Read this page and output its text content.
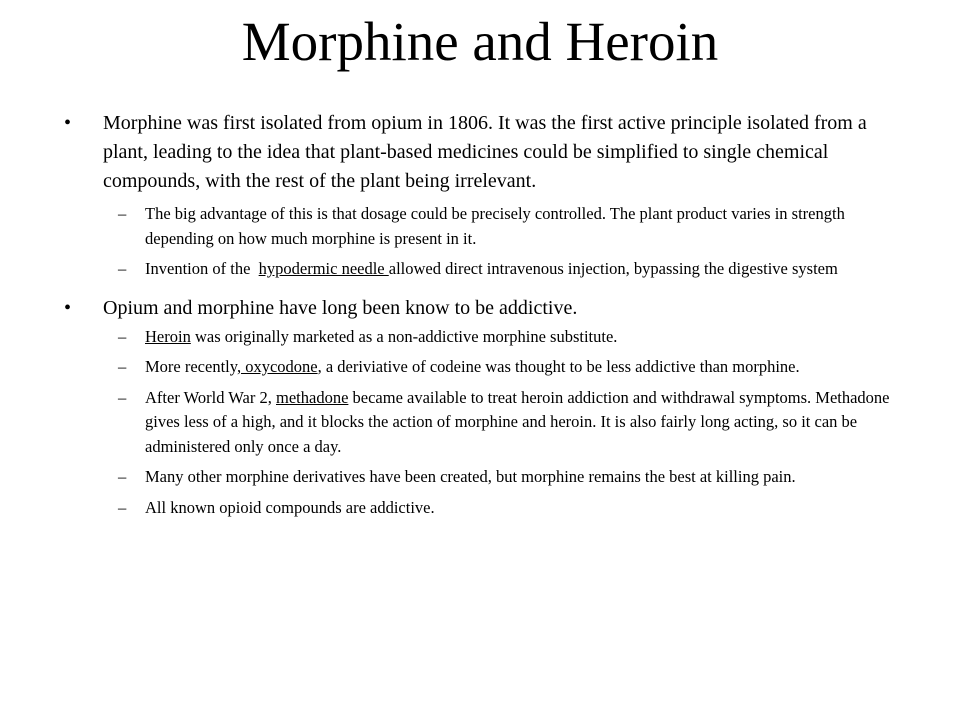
Morphine and Heroin
• Morphine was first isolated from opium in 1806. It was the first active principle isolated from a plant, leading to the idea that plant-based medicines could be simplified to single chemical compounds, with the rest of the plant being irrelevant.
– The big advantage of this is that dosage could be precisely controlled. The plant product varies in strength depending on how much morphine is present in it.
– Invention of the  hypodermic needle allowed direct intravenous injection, bypassing the digestive system
• Opium and morphine have long been know to be addictive.
– Heroin was originally marketed as a non-addictive morphine substitute.
– More recently, oxycodone, a deriviative of codeine was thought to be less addictive than morphine.
– After World War 2, methadone became available to treat heroin addiction and withdrawal symptoms. Methadone gives less of a high, and it blocks the action of morphine and heroin. It is also fairly long acting, so it can be administered only once a day.
– Many other morphine derivatives have been created, but morphine remains the best at killing pain.
– All known opioid compounds are addictive.
